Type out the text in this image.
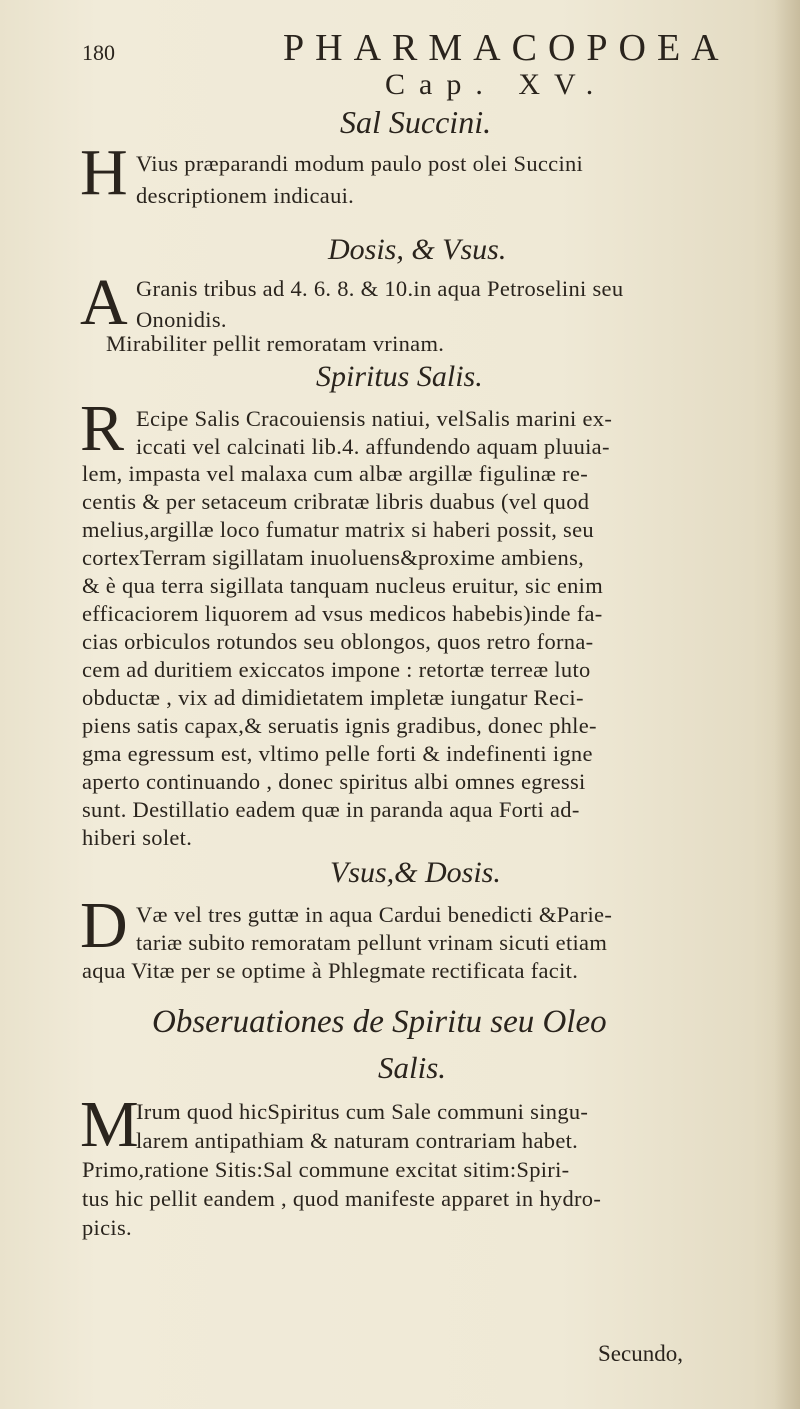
180	PHARMACOPOEA
Cap. XV.
Sal Succini.
H Vius præparandi modum paulo post olei Succini
descriptionem indicaui.
Dosis, & Vsus.
A Granis tribus ad 4. 6. 8. & 10.in aqua Petroselini seu
Ononidis.
Mirabiliter pellit remoratam vrinam.
Spiritus Salis.
R Ecipe Salis Cracouiensis natiui, velSalis marini ex-
iccati vel calcinati lib.4. affundendo aquam pluuia-
lem, impasta vel malaxa cum albæ argillæ figulinæ re-
centis & per setaceum cribratæ libris duabus (vel quod
melius,argillæ loco fumatur matrix si haberi possit, seu
cortexTerram sigillatam inuoluens&proxime ambiens,
& è qua terra sigillata tanquam nucleus eruitur, sic enim
efficaciorem liquorem ad vsus medicos habebis)inde fa-
cias orbiculos rotundos seu oblongos, quos retro forna-
cem ad duritiem exiccatos impone : retortæ terreæ luto
obductæ , vix ad dimidietatem impletæ iungatur Reci-
piens satis capax,& seruatis ignis gradibus, donec phle-
gma egressum est, vltimo pelle forti & indefinenti igne
aperto continuando , donec spiritus albi omnes egressi
sunt. Destillatio eadem quæ in paranda aqua Forti ad-
hiberi solet.
Vsus,& Dosis.
D Væ vel tres guttæ in aqua Cardui benedicti &Parie-
tariæ subito remoratam pellunt vrinam sicuti etiam
aqua Vitæ per se optime à Phlegmate rectificata facit.
Obseruationes de Spiritu seu Oleo
Salis.
M
Irum quod hicSpiritus cum Sale communi singu-
larem antipathiam & naturam contrariam habet.
Primo,ratione Sitis:Sal commune excitat sitim:Spiri-
tus hic pellit eandem , quod manifeste apparet in hydro-
picis.
Secundo,
